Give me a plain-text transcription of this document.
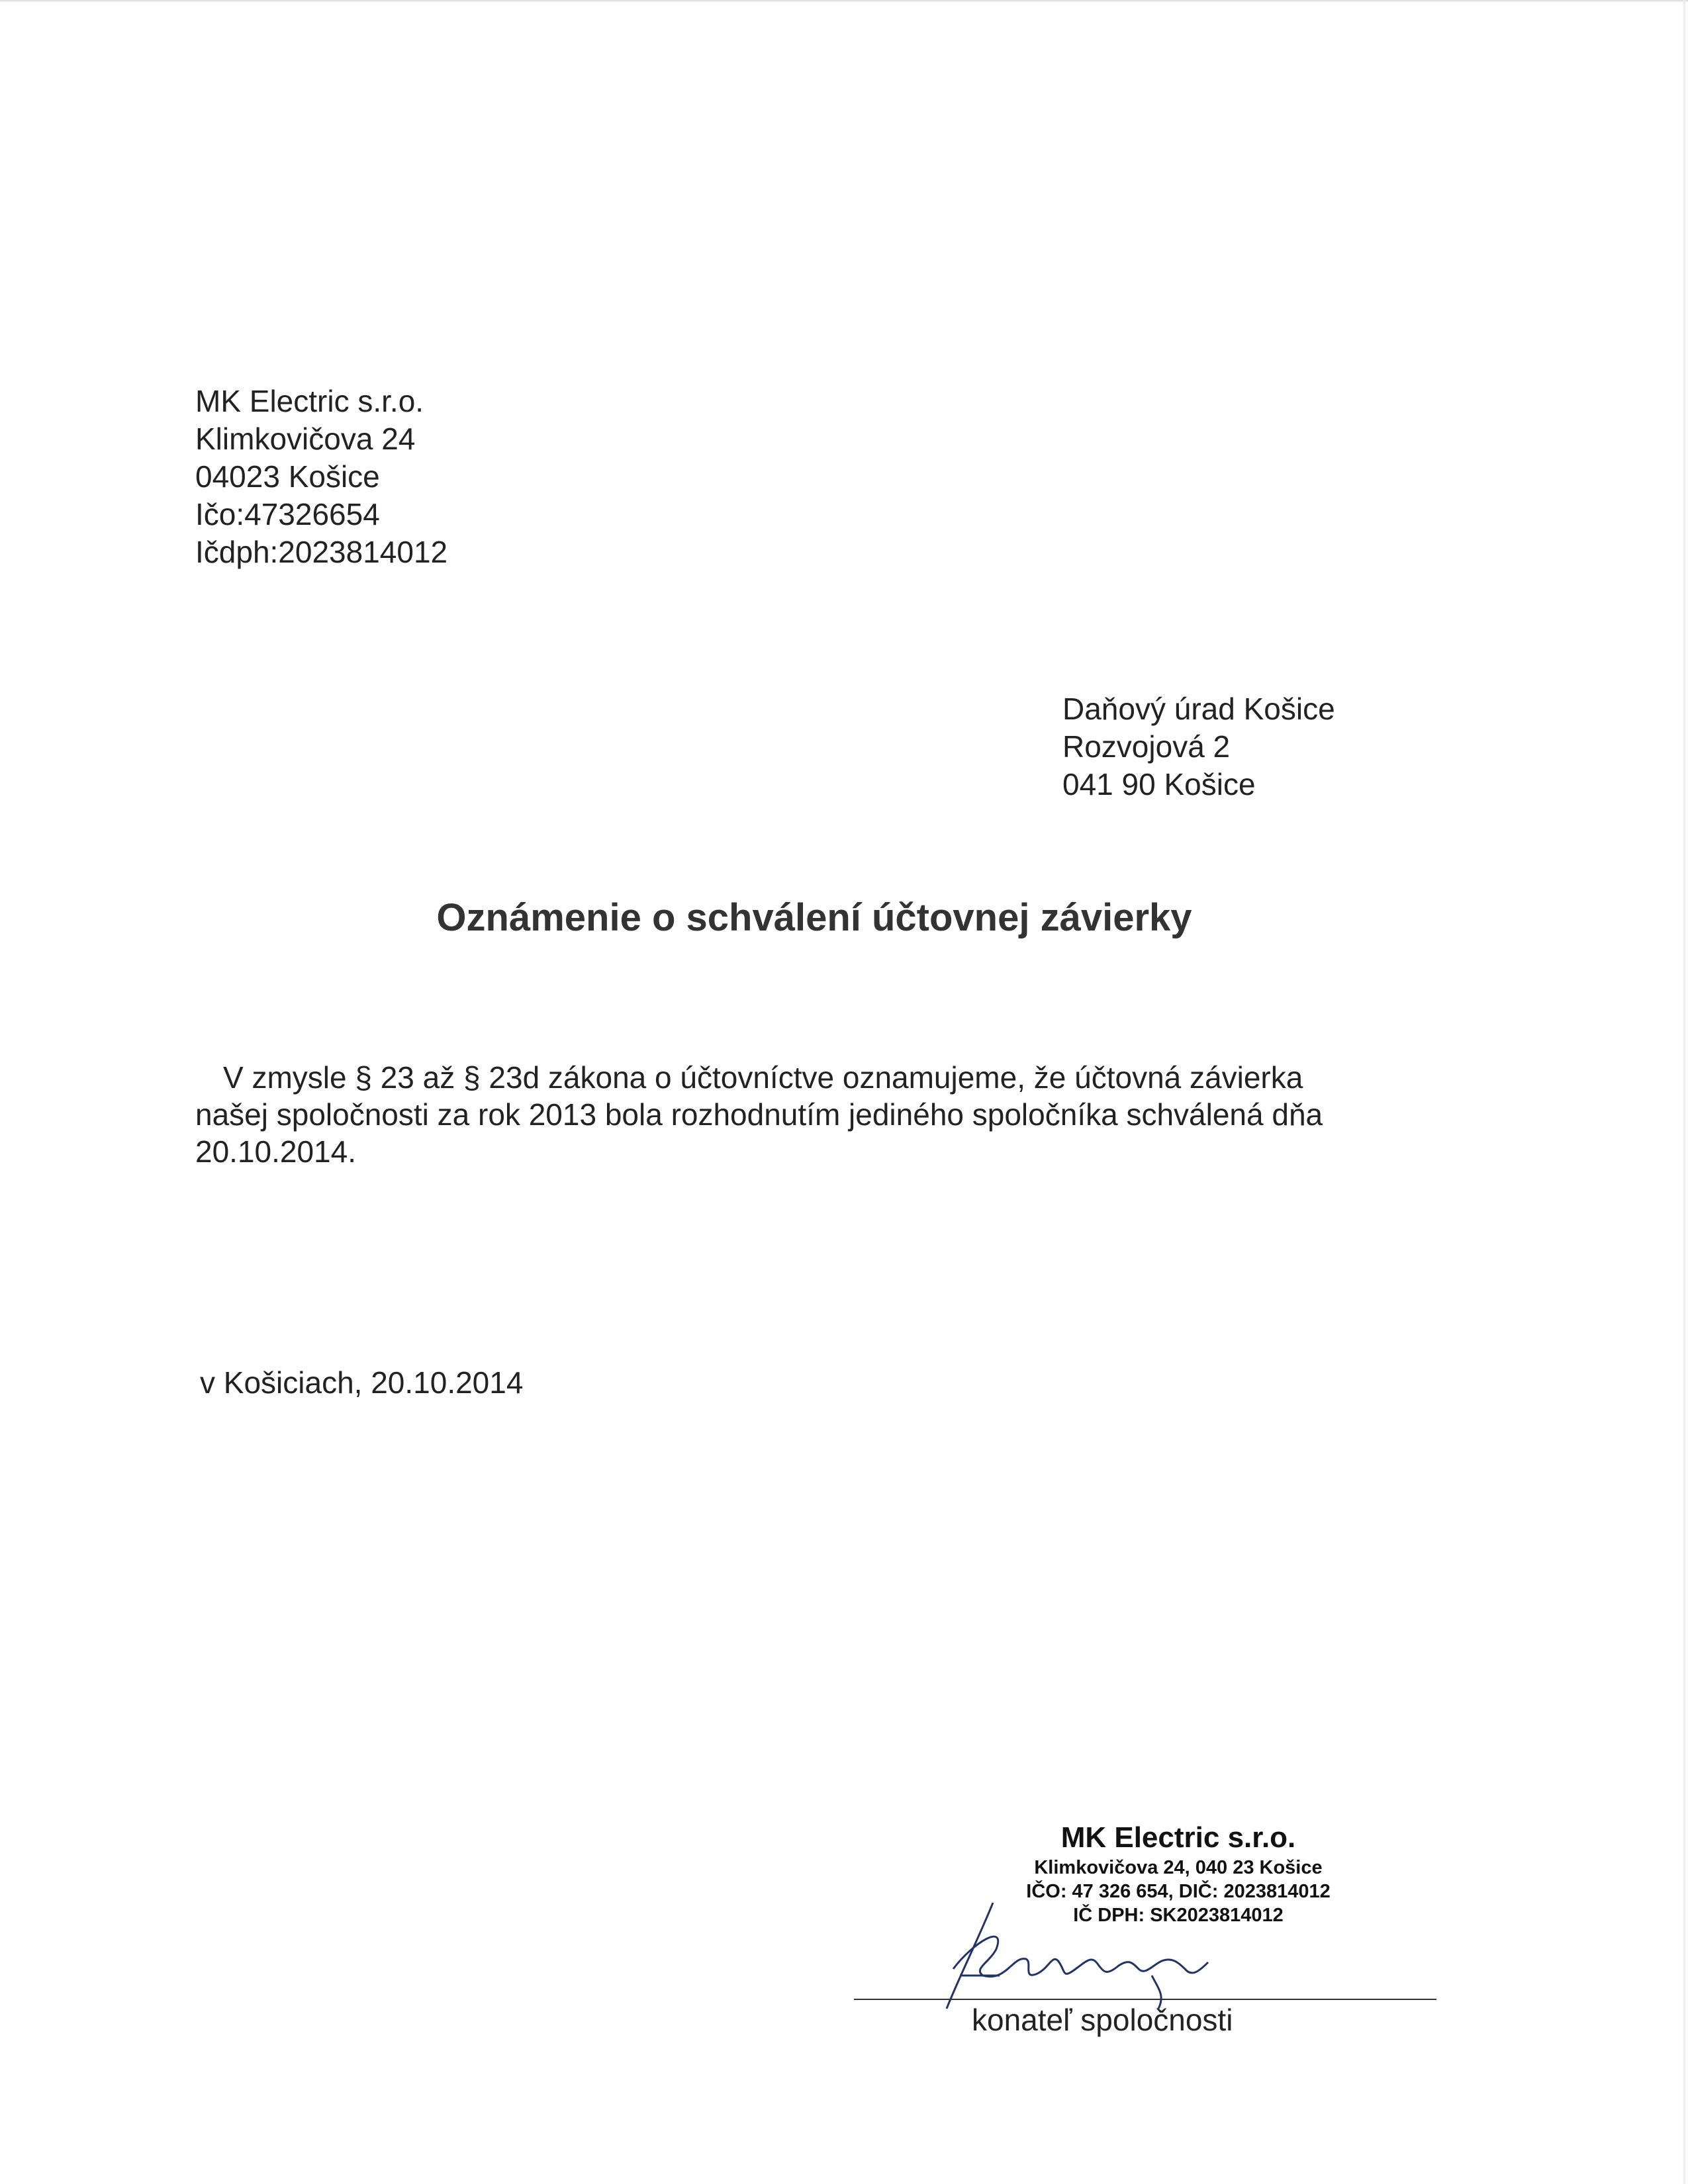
MK Electric s.r.o.
Klimkovičova 24
04023 Košice
Ičo:47326654
Ičdph:2023814012
Daňový úrad Košice
Rozvojová 2
041 90 Košice
Oznámenie o schválení účtovnej závierky
V zmysle § 23 až § 23d zákona o účtovníctve oznamujeme, že účtovná závierka
našej spoločnosti za rok 2013 bola rozhodnutím jediného spoločníka schválená dňa
20.10.2014.
v Košiciach, 20.10.2014
MK Electric s.r.o.
Klimkovičova 24, 040 23 Košice
IČO: 47 326 654, DIČ: 2023814012
IČ DPH: SK2023814012
konateľ spoločnosti
